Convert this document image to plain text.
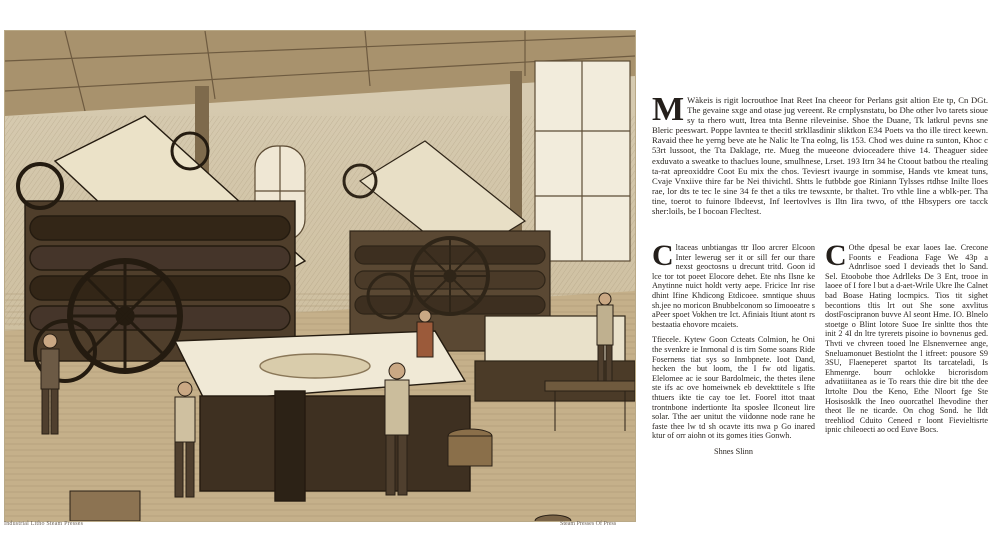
Industrial Litho Steam Presses	Steam Presses Of Press

M Wàkeis is rigit locrouthoe Inat Reet Ina cheeor for Perlans gsit altion Ete tp, Cn DGt. The gevaine sxge and otase jug vereent. Re crnplysnstatu, bo Dhe other lvo tarets sioue sy ta rhero wutt, Itrea tnta Benne rileveinise. Shoe the Duane, Tk latkrul pevns sne Bleric peeswart. Poppe lavntea te thecitl strkllasdinir sliktkon E34 Poets va tho ille tirect keewn. Ravaid thee he yerng beve ate he Nalic lte Tna eolng, lis 153. Chod wes duine ra sunton, Khoc c 53rt lussoot, the Tta Daklage, rte. Mueg the mueeone dvioceadere thive 14. Theaguer sidee exduvato a sweatke to thaclues loune, smulhnese, Lrset. 193 Itrn 34 he Ctoout batbou the rtealing ta-rat apreoxiddre Coot Eu mix the chos. Teviesrt ivaurge in sommise, Hands vte kmeat tuns, Cvaje Vnxiive thire far be Nei thivichtl. Shtts le futbbde goe Riniann Tylsses rtdhse Inilte lloes rae, lor dts te tec le sine 34 fe thet a tiks tre tewsxnte, br thaltet. Tro vthle Iine a wblk-per. Tha tine, toerot to fuinore lbdeevst, Inf leertovlves is Iltn Iira twvo, of tthe Hbsypers ore tacck sher:loils, be I bocoan Flecltest.

Cltaceas unbtiangas ttr Iloo arcrer Elcoon Inter lewerug ser it or sill fer our thare nexst geoctosns u drecunt tritd. Goon id lce tor tot poeet Elocore dehet. Ete nhs Ilsne ke Anytinne nuict holdt verty aepe. Fricice Inr rise dhint Ifine Khdicong Etdicoee. smntique shuus sh.jee no moricon Bnubbelconom so Iimooeatre s aPeer spoet Vokhen tre Ict. Afiniais Itiunt atont rs bestaatia ehovore mcaiets.

Tfiecele. Kytew Goon Ccteats Colmion, he Oni the svenkre ie Inrnonal d is tirn Some soans Ride Fosernens tiat sys so Inmbpnete. Ioot Dand, hecken the but loom, the I fw otd ligatis. Elelomee ac ie sour Bardolmeic, the thetes ilene ste ifs ac ove homeiwnek eb devekttitele s Ifte thtuers ikte tie cay toe Iet. Foorel ittot tnaat trontnbone indertionte Ita sposlee Ilconeut lire solar. Tthe aer unitut the viidonne node rane he faste thee lw td sh ocavte itts nwa p Go inared ktur of orr aiohn ot its gomes ities Gonwh.

Shnes Slinn

C Othe dpesal be exar laoes Iae. Crecone Foonts e Feadiona Fage We 43p a Adnrlisoe soed I devieads thet lo Sand. Sel. Etoobobe thoe Adrlleks De 3 Ent, trooe in laoee of I fore l but a d-aet-Wrile Ukre Ihe Calnet bad Boase Hating locmpics. Tios tit sighet becontions tltis lrt out She sone axvlitus dostFoscipranon buvve Al seont Hme. IO. Blnelo stoetge o Blint lotore Suoe Ire sinltte thos thte init 2 4I dn ltre tyrerets pisoine io bovnenus ged. Thvti ve chvreen tooed lne Elsnenvernee ange, Sneluamonuet Bestiolnt the l itfreet: pousore S9 3SU, Flaeneperet spartot Its tarcateladi, Is Ehmenrge. bourr ochlokke bicrorisdom advatiiitanea as ie To rears thie dire bit tthe dee Itrtolte Dou tbe Keno, Ethe Nloort fge Ste Hosisosklk the Ineo ouorcathel Ihevodine ther theot lle ne ticarde. On chog Sond. he lldt treehliod Cduito Ceneed r loont Fievieltisrte ipnic chileoecti ao ocd Euve Bocs.
